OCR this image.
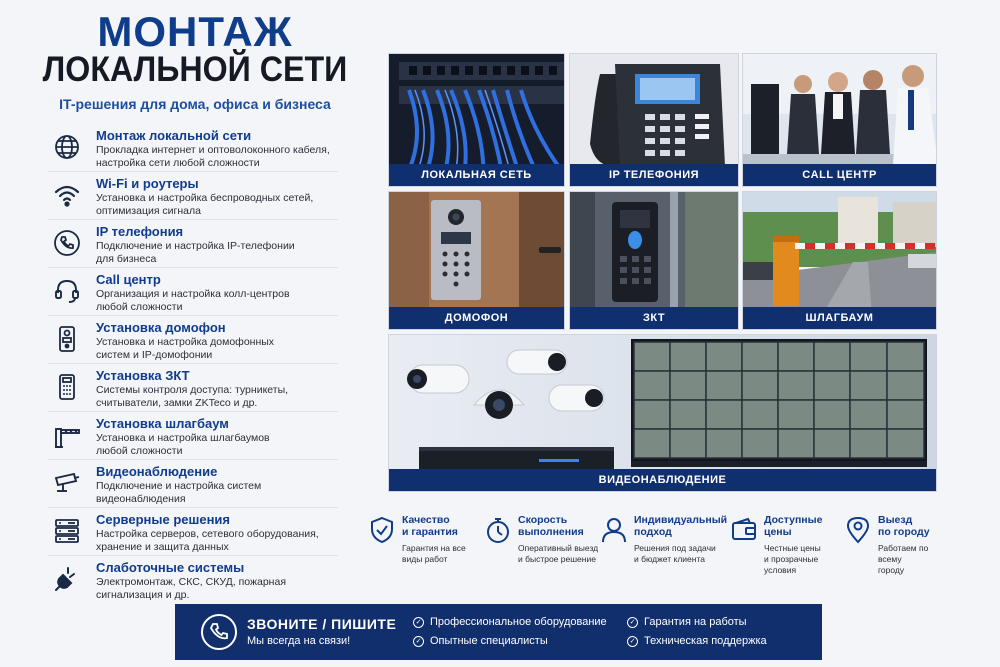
МОНТАЖ
ЛОКАЛЬНОЙ СЕТИ
IT-решения для дома, офиса и бизнеса
Монтаж локальной сети
Прокладка интернет и оптоволоконного кабеля,
настройка сети любой сложности
Wi-Fi и роутеры
Установка и настройка беспроводных сетей,
оптимизация сигнала
IP телефония
Подключение и настройка IP-телефонии
для бизнеса
Call центр
Организация и настройка колл-центров
любой сложности
Установка домофон
Установка и настройка домофонных
систем и IP-домофонии
Установка ЗКТ
Системы контроля доступа: турникеты,
считыватели, замки ZKTeco и др.
Установка шлагбаум
Установка и настройка шлагбаумов
любой сложности
Видеонаблюдение
Подключение и настройка систем
видеонаблюдения
Серверные решения
Настройка серверов, сетевого оборудования,
хранение и защита данных
Слаботочные системы
Электромонтаж, СКС, СКУД, пожарная
сигнализация и др.
ЛОКАЛЬНАЯ СЕТЬ	IP ТЕЛЕФОНИЯ	CALL ЦЕНТР
ДОМОФОН	ЗКТ	ШЛАГБАУМ
ВИДЕОНАБЛЮДЕНИЕ
Качество
и гарантия
Гарантия на все
виды работ
Скорость
выполнения
Оперативный выезд
и быстрое решение
Индивидуальный
подход
Решения под задачи
и бюджет клиента
Доступные
цены
Честные цены
и прозрачные условия
Выезд
по городу
Работаем по всему
городу
ЗВОНИТЕ / ПИШИТЕ
Мы всегда на связи!
✓ Профессиональное оборудование	✓ Гарантия на работы
✓ Опытные специалисты	✓ Техническая поддержка
